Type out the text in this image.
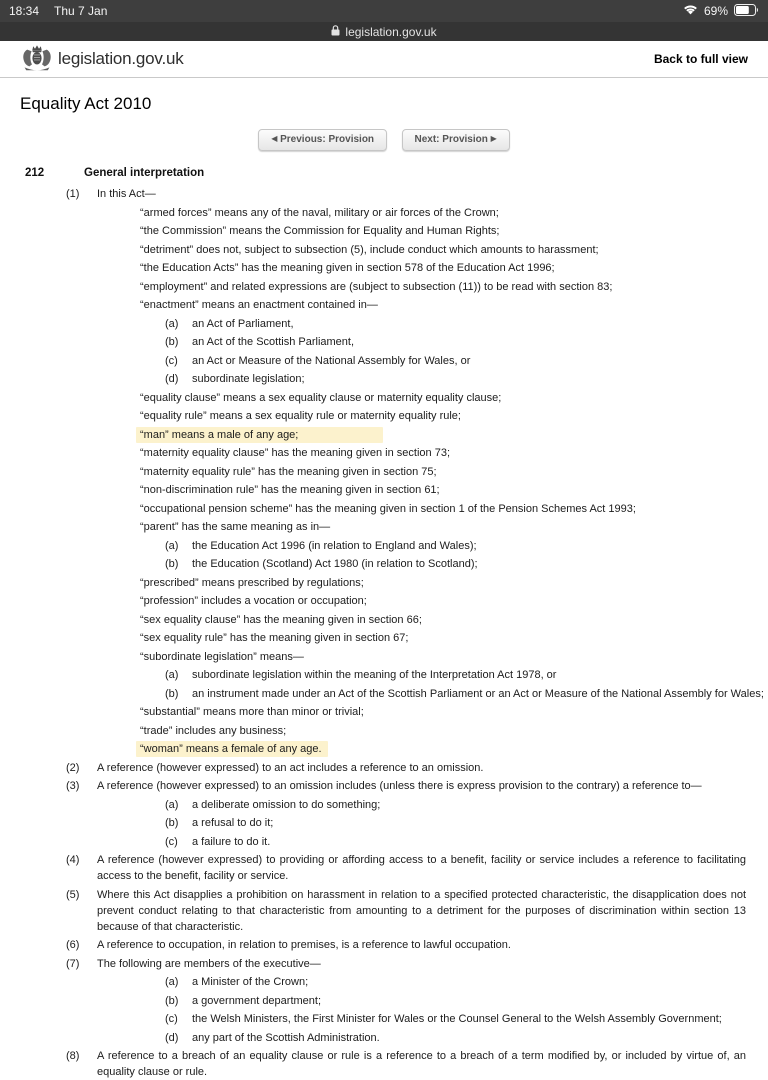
18:34 Thu 7 Jan	69%
legislation.gov.uk
legislation.gov.uk	Back to full view
Equality Act 2010
◀ Previous: Provision	Next: Provision ▶
212	General interpretation
(1) In this Act—
“armed forces” means any of the naval, military or air forces of the Crown;
“the Commission” means the Commission for Equality and Human Rights;
“detriment” does not, subject to subsection (5), include conduct which amounts to harassment;
“the Education Acts” has the meaning given in section 578 of the Education Act 1996;
“employment” and related expressions are (subject to subsection (11)) to be read with section 83;
“enactment” means an enactment contained in—
(a) an Act of Parliament,
(b) an Act of the Scottish Parliament,
(c) an Act or Measure of the National Assembly for Wales, or
(d) subordinate legislation;
“equality clause” means a sex equality clause or maternity equality clause;
“equality rule” means a sex equality rule or maternity equality rule;
“man” means a male of any age;
“maternity equality clause” has the meaning given in section 73;
“maternity equality rule” has the meaning given in section 75;
“non-discrimination rule” has the meaning given in section 61;
“occupational pension scheme” has the meaning given in section 1 of the Pension Schemes Act 1993;
“parent” has the same meaning as in—
(a) the Education Act 1996 (in relation to England and Wales);
(b) the Education (Scotland) Act 1980 (in relation to Scotland);
“prescribed” means prescribed by regulations;
“profession” includes a vocation or occupation;
“sex equality clause” has the meaning given in section 66;
“sex equality rule” has the meaning given in section 67;
“subordinate legislation” means—
(a) subordinate legislation within the meaning of the Interpretation Act 1978, or
(b) an instrument made under an Act of the Scottish Parliament or an Act or Measure of the National Assembly for Wales;
“substantial” means more than minor or trivial;
“trade” includes any business;
“woman” means a female of any age.
(2) A reference (however expressed) to an act includes a reference to an omission.
(3) A reference (however expressed) to an omission includes (unless there is express provision to the contrary) a reference to—
(a) a deliberate omission to do something;
(b) a refusal to do it;
(c) a failure to do it.
(4) A reference (however expressed) to providing or affording access to a benefit, facility or service includes a reference to facilitating access to the benefit, facility or service.
(5) Where this Act disapplies a prohibition on harassment in relation to a specified protected characteristic, the disapplication does not prevent conduct relating to that characteristic from amounting to a detriment for the purposes of discrimination within section 13 because of that characteristic.
(6) A reference to occupation, in relation to premises, is a reference to lawful occupation.
(7) The following are members of the executive—
(a) a Minister of the Crown;
(b) a government department;
(c) the Welsh Ministers, the First Minister for Wales or the Counsel General to the Welsh Assembly Government;
(d) any part of the Scottish Administration.
(8) A reference to a breach of an equality clause or rule is a reference to a breach of a term modified by, or included by virtue of, an equality clause or rule.
